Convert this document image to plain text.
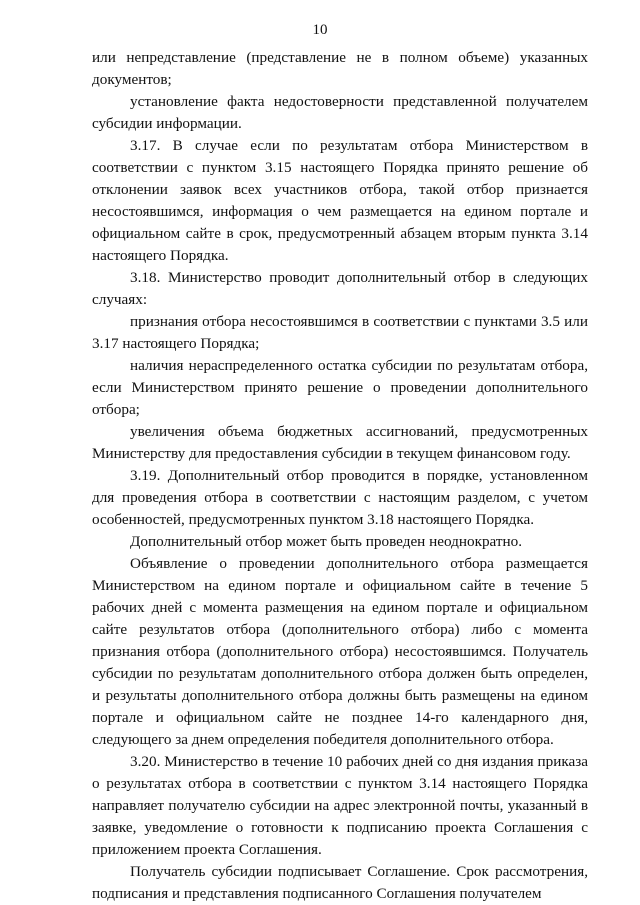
10

или непредставление (представление не в полном объеме) указанных документов;

установление факта недостоверности представленной получателем субсидии информации.

3.17. В случае если по результатам отбора Министерством в соответствии с пунктом 3.15 настоящего Порядка принято решение об отклонении заявок всех участников отбора, такой отбор признается несостоявшимся, информация о чем размещается на едином портале и официальном сайте в срок, предусмотренный абзацем вторым пункта 3.14 настоящего Порядка.

3.18. Министерство проводит дополнительный отбор в следующих случаях:

признания отбора несостоявшимся в соответствии с пунктами 3.5 или 3.17 настоящего Порядка;

наличия нераспределенного остатка субсидии по результатам отбора, если Министерством принято решение о проведении дополнительного отбора;

увеличения объема бюджетных ассигнований, предусмотренных Министерству для предоставления субсидии в текущем финансовом году.

3.19. Дополнительный отбор проводится в порядке, установленном для проведения отбора в соответствии с настоящим разделом, с учетом особенностей, предусмотренных пунктом 3.18 настоящего Порядка.

Дополнительный отбор может быть проведен неоднократно.

Объявление о проведении дополнительного отбора размещается Министерством на едином портале и официальном сайте в течение 5 рабочих дней с момента размещения на едином портале и официальном сайте результатов отбора (дополнительного отбора) либо с момента признания отбора (дополнительного отбора) несостоявшимся. Получатель субсидии по результатам дополнительного отбора должен быть определен, и результаты дополнительного отбора должны быть размещены на едином портале и официальном сайте не позднее 14-го календарного дня, следующего за днем определения победителя дополнительного отбора.

3.20. Министерство в течение 10 рабочих дней со дня издания приказа о результатах отбора в соответствии с пунктом 3.14 настоящего Порядка направляет получателю субсидии на адрес электронной почты, указанный в заявке, уведомление о готовности к подписанию проекта Соглашения с приложением проекта Соглашения.

Получатель субсидии подписывает Соглашение. Срок рассмотрения, подписания и представления подписанного Соглашения получателем
